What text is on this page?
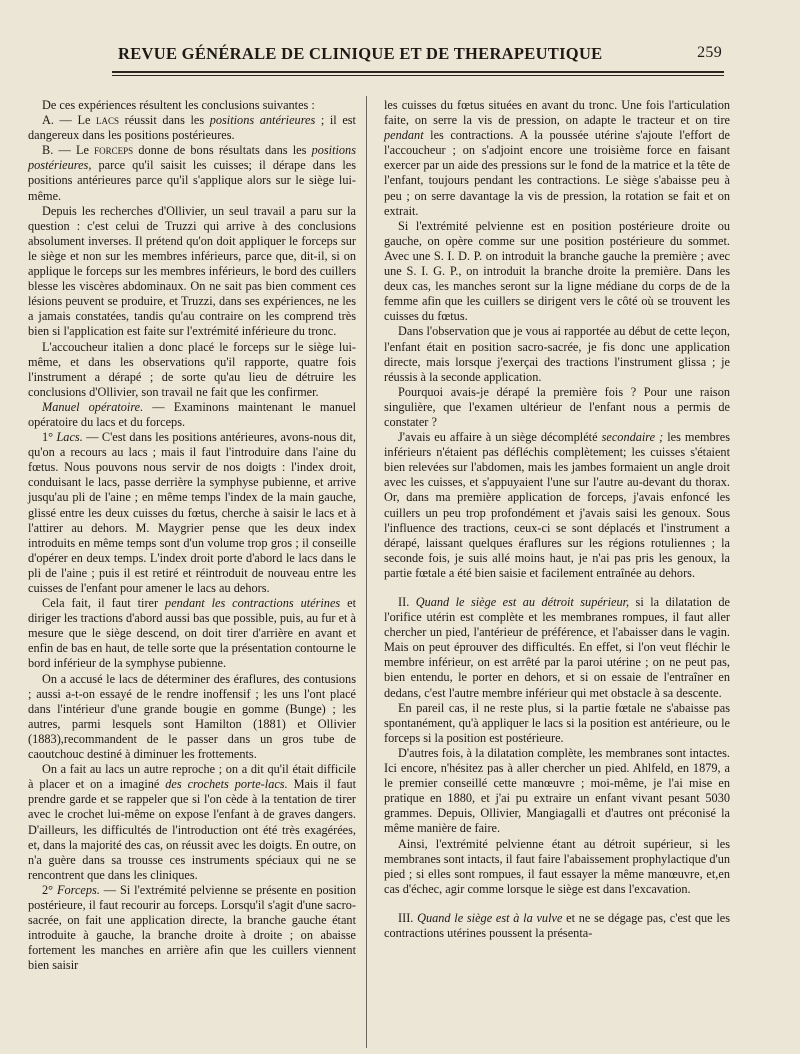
REVUE GÉNÉRALE DE CLINIQUE ET DE THERAPEUTIQUE	259

De ces expériences résultent les conclusions suivantes :

A. — Le lacs réussit dans les positions antérieures ; il est dangereux dans les positions postérieures.

B. — Le forceps donne de bons résultats dans les positions postérieures, parce qu'il saisit les cuisses; il dérape dans les positions antérieures parce qu'il s'applique alors sur le siège lui-même.

Depuis les recherches d'Ollivier, un seul travail a paru sur la question : c'est celui de Truzzi qui arrive à des conclusions absolument inverses. Il prétend qu'on doit appliquer le forceps sur le siège et non sur les membres inférieurs, parce que, dit-il, si on applique le forceps sur les membres inférieurs, le bord des cuillers blesse les viscères abdominaux. On ne sait pas bien comment ces lésions peuvent se produire, et Truzzi, dans ses expériences, ne les a jamais constatées, tandis qu'au contraire on les comprend très bien si l'application est faite sur l'extrémité inférieure du tronc.

L'accoucheur italien a donc placé le forceps sur le siège lui-même, et dans les observations qu'il rapporte, quatre fois l'instrument a dérapé ; de sorte qu'au lieu de détruire les conclusions d'Ollivier, son travail ne fait que les confirmer.

Manuel opératoire. — Examinons maintenant le manuel opératoire du lacs et du forceps.

1° Lacs. — C'est dans les positions antérieures, avons-nous dit, qu'on a recours au lacs ; mais il faut l'introduire dans l'aine du fœtus. Nous pouvons nous servir de nos doigts : l'index droit, conduisant le lacs, passe derrière la symphyse pubienne, et arrive jusqu'au pli de l'aine ; en même temps l'index de la main gauche, glissé entre les deux cuisses du fœtus, cherche à saisir le lacs et à l'attirer au dehors. M. Maygrier pense que les deux index introduits en même temps sont d'un volume trop gros ; il conseille d'opérer en deux temps. L'index droit porte d'abord le lacs dans le pli de l'aine ; puis il est retiré et réintroduit de nouveau entre les cuisses de l'enfant pour amener le lacs au dehors.

Cela fait, il faut tirer pendant les contractions utérines et diriger les tractions d'abord aussi bas que possible, puis, au fur et à mesure que le siège descend, on doit tirer d'arrière en avant et enfin de bas en haut, de telle sorte que la présentation contourne le bord inférieur de la symphyse pubienne.

On a accusé le lacs de déterminer des éraflures, des contusions ; aussi a-t-on essayé de le rendre inoffensif ; les uns l'ont placé dans l'intérieur d'une grande bougie en gomme (Bunge) ; les autres, parmi lesquels sont Hamilton (1881) et Ollivier (1883),recommandent de le passer dans un gros tube de caoutchouc destiné à diminuer les frottements.

On a fait au lacs un autre reproche ; on a dit qu'il était difficile à placer et on a imaginé des crochets porte-lacs. Mais il faut prendre garde et se rappeler que si l'on cède à la tentation de tirer avec le crochet lui-même on expose l'enfant à de graves dangers. D'ailleurs, les difficultés de l'introduction ont été très exagérées, et, dans la majorité des cas, on réussit avec les doigts. En outre, on n'a guère dans sa trousse ces instruments spéciaux qui ne se rencontrent que dans les cliniques.

2° Forceps. — Si l'extrémité pelvienne se présente en position postérieure, il faut recourir au forceps. Lorsqu'il s'agit d'une sacro-sacrée, on fait une application directe, la branche gauche étant introduite à gauche, la branche droite à droite ; on abaisse fortement les manches en arrière afin que les cuillers viennent bien saisir

les cuisses du fœtus situées en avant du tronc. Une fois l'articulation faite, on serre la vis de pression, on adapte le tracteur et on tire pendant les contractions. A la poussée utérine s'ajoute l'effort de l'accoucheur ; on s'adjoint encore une troisième force en faisant exercer par un aide des pressions sur le fond de la matrice et la tête de l'enfant, toujours pendant les contractions. Le siège s'abaisse peu à peu ; on serre davantage la vis de pression, la rotation se fait et on extrait.

Si l'extrémité pelvienne est en position postérieure droite ou gauche, on opère comme sur une position postérieure du sommet. Avec une S. I. D. P. on introduit la branche gauche la première ; avec une S. I. G. P., on introduit la branche droite la première. Dans les deux cas, les manches seront sur la ligne médiane du corps de de la femme afin que les cuillers se dirigent vers le côté où se trouvent les cuisses du fœtus.

Dans l'observation que je vous ai rapportée au début de cette leçon, l'enfant était en position sacro-sacrée, je fis donc une application directe, mais lorsque j'exerçai des tractions l'instrument glissa ; je réussis à la seconde application.

Pourquoi avais-je dérapé la première fois ? Pour une raison singulière, que l'examen ultérieur de l'enfant nous a permis de constater ?

J'avais eu affaire à un siège décomplété secondaire ; les membres inférieurs n'étaient pas défléchis complètement; les cuisses s'étaient bien relevées sur l'abdomen, mais les jambes formaient un angle droit avec les cuisses, et s'appuyaient l'une sur l'autre au-devant du thorax. Or, dans ma première application de forceps, j'avais enfoncé les cuillers un peu trop profondément et j'avais saisi les genoux. Sous l'influence des tractions, ceux-ci se sont déplacés et l'instrument a dérapé, laissant quelques éraflures sur les régions rotuliennes ; la seconde fois, je suis allé moins haut, je n'ai pas pris les genoux, la partie fœtale a été bien saisie et facilement entraînée au dehors.

II. Quand le siège est au détroit supérieur, si la dilatation de l'orifice utérin est complète et les membranes rompues, il faut aller chercher un pied, l'antérieur de préférence, et l'abaisser dans le vagin. Mais on peut éprouver des difficultés. En effet, si l'on veut fléchir le membre inférieur, on est arrêté par la paroi utérine ; on ne peut pas, bien entendu, le porter en dehors, et si on essaie de l'entraîner en dedans, c'est l'autre membre inférieur qui met obstacle à sa descente.

En pareil cas, il ne reste plus, si la partie fœtale ne s'abaisse pas spontanément, qu'à appliquer le lacs si la position est antérieure, ou le forceps si la position est postérieure.

D'autres fois, à la dilatation complète, les membranes sont intactes. Ici encore, n'hésitez pas à aller chercher un pied. Ahlfeld, en 1879, a le premier conseillé cette manœuvre ; moi-même, je l'ai mise en pratique en 1880, et j'ai pu extraire un enfant vivant pesant 5030 grammes. Depuis, Ollivier, Mangiagalli et d'autres ont préconisé la même manière de faire.

Ainsi, l'extrémité pelvienne étant au détroit supérieur, si les membranes sont intacts, il faut faire l'abaissement prophylactique d'un pied ; si elles sont rompues, il faut essayer la même manœuvre, et,en cas d'échec, agir comme lorsque le siège est dans l'excavation.

III. Quand le siège est à la vulve et ne se dégage pas, c'est que les contractions utérines poussent la présenta-
